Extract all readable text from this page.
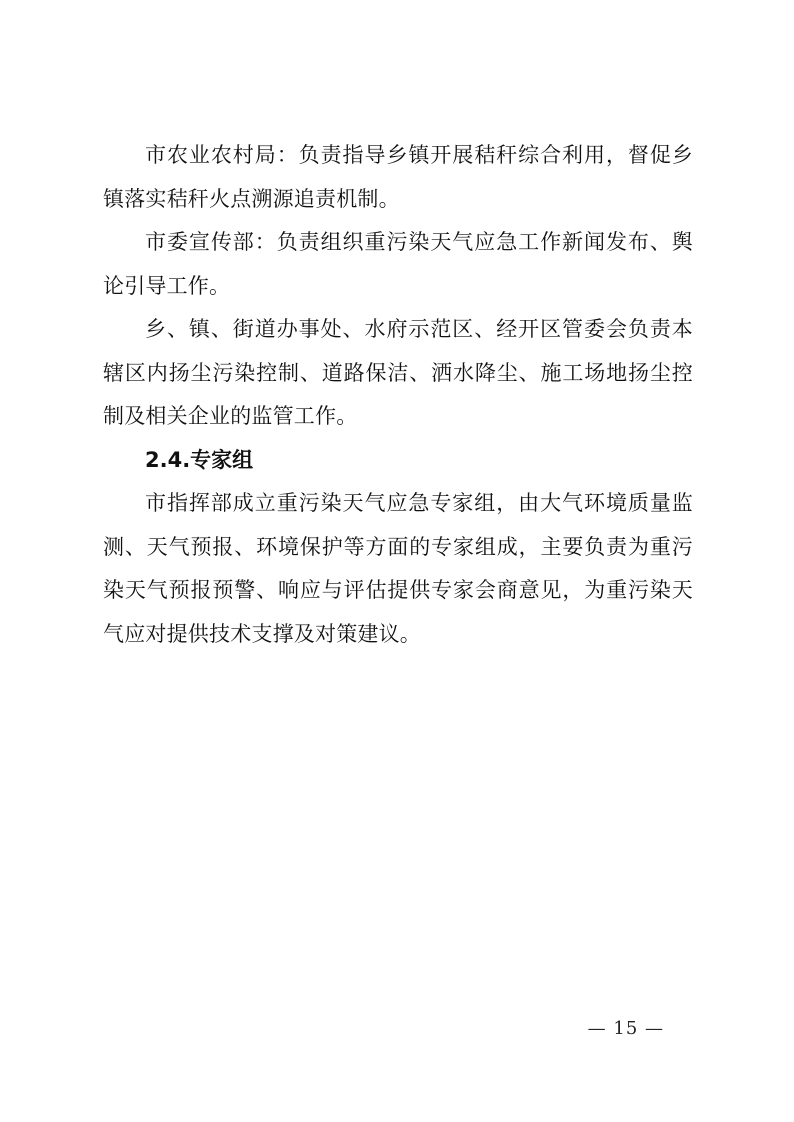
市农业农村局：负责指导乡镇开展秸秆综合利用，督促乡镇落实秸秆火点溯源追责机制。

市委宣传部：负责组织重污染天气应急工作新闻发布、舆论引导工作。

乡、镇、街道办事处、水府示范区、经开区管委会负责本辖区内扬尘污染控制、道路保洁、洒水降尘、施工场地扬尘控制及相关企业的监管工作。

2.4.专家组

市指挥部成立重污染天气应急专家组，由大气环境质量监测、天气预报、环境保护等方面的专家组成，主要负责为重污染天气预报预警、响应与评估提供专家会商意见，为重污染天气应对提供技术支撑及对策建议。

— 15 —
